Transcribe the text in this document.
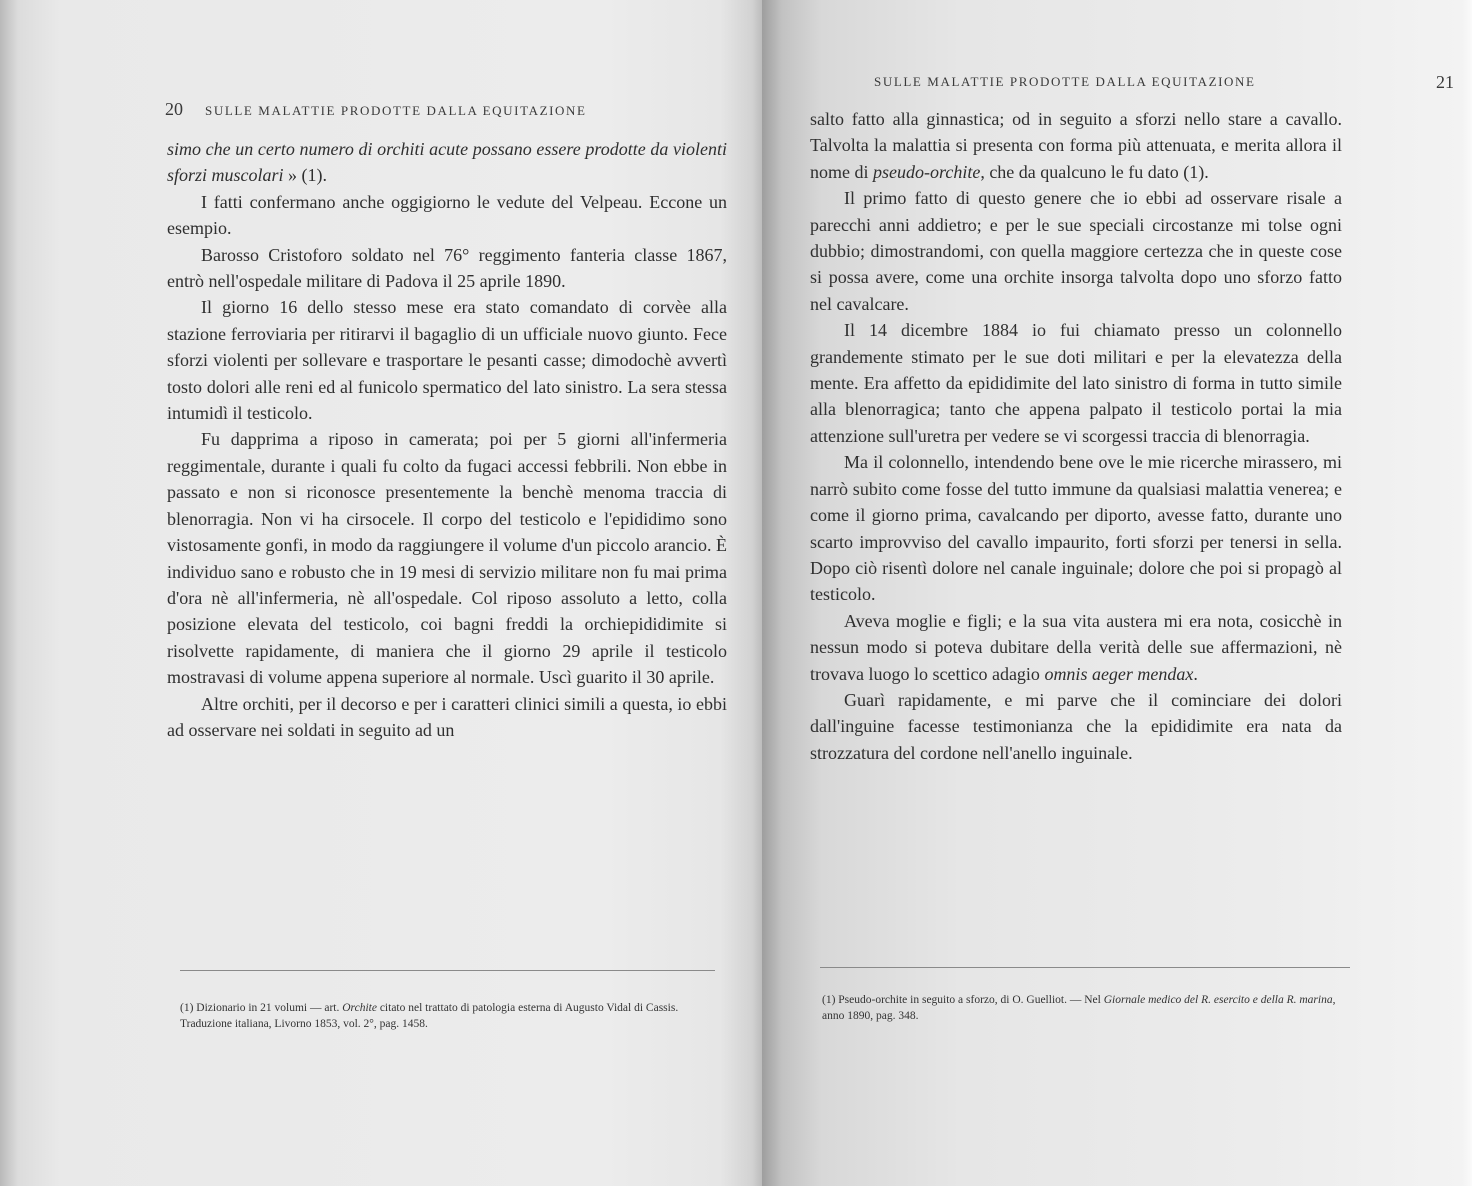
20 SULLE MALATTIE PRODOTTE DALLA EQUITAZIONE

simo che un certo numero di orchiti acute possano essere prodotte da violenti sforzi muscolari » (1).

I fatti confermano anche oggigiorno le vedute del Velpeau. Eccone un esempio.

Barosso Cristoforo soldato nel 76° reggimento fanteria classe 1867, entrò nell'ospedale militare di Padova il 25 aprile 1890.

Il giorno 16 dello stesso mese era stato comandato di corvèe alla stazione ferroviaria per ritirarvi il bagaglio di un ufficiale nuovo giunto. Fece sforzi violenti per sollevare e trasportare le pesanti casse; dimodochè avvertì tosto dolori alle reni ed al funicolo spermatico del lato sinistro. La sera stessa intumidì il testicolo.

Fu dapprima a riposo in camerata; poi per 5 giorni all'infermeria reggimentale, durante i quali fu colto da fugaci accessi febbrili. Non ebbe in passato e non si riconosce presentemente la benchè menoma traccia di blenorragia. Non vi ha cirsocele. Il corpo del testicolo e l'epididimo sono vistosamente gonfi, in modo da raggiungere il volume d'un piccolo arancio. È individuo sano e robusto che in 19 mesi di servizio militare non fu mai prima d'ora nè all'infermeria, nè all'ospedale. Col riposo assoluto a letto, colla posizione elevata del testicolo, coi bagni freddi la orchiepididimite si risolvette rapidamente, di maniera che il giorno 29 aprile il testicolo mostravasi di volume appena superiore al normale. Uscì guarito il 30 aprile.

Altre orchiti, per il decorso e per i caratteri clinici simili a questa, io ebbi ad osservare nei soldati in seguito ad un

(1) Dizionario in 21 volumi — art. Orchite citato nel trattato di patologia esterna di Augusto Vidal di Cassis. Traduzione italiana, Livorno 1853, vol. 2°, pag. 1458.
SULLE MALATTIE PRODOTTE DALLA EQUITAZIONE	21

salto fatto alla ginnastica; od in seguito a sforzi nello stare a cavallo. Talvolta la malattia si presenta con forma più attenuata, e merita allora il nome di pseudo-orchite, che da qualcuno le fu dato (1).

Il primo fatto di questo genere che io ebbi ad osservare risale a parecchi anni addietro; e per le sue speciali circostanze mi tolse ogni dubbio; dimostrandomi, con quella maggiore certezza che in queste cose si possa avere, come una orchite insorga talvolta dopo uno sforzo fatto nel cavalcare.

Il 14 dicembre 1884 io fui chiamato presso un colonnello grandemente stimato per le sue doti militari e per la elevatezza della mente. Era affetto da epididimite del lato sinistro di forma in tutto simile alla blenorragica; tanto che appena palpato il testicolo portai la mia attenzione sull'uretra per vedere se vi scorgessi traccia di blenorragia.

Ma il colonnello, intendendo bene ove le mie ricerche mirassero, mi narrò subito come fosse del tutto immune da qualsiasi malattia venerea; e come il giorno prima, cavalcando per diporto, avesse fatto, durante uno scarto improvviso del cavallo impaurito, forti sforzi per tenersi in sella. Dopo ciò risentì dolore nel canale inguinale; dolore che poi si propagò al testicolo.

Aveva moglie e figli; e la sua vita austera mi era nota, cosicchè in nessun modo si poteva dubitare della verità delle sue affermazioni, nè trovava luogo lo scettico adagio omnis aeger mendax.

Guarì rapidamente, e mi parve che il cominciare dei dolori dall'inguine facesse testimonianza che la epididimite era nata da strozzatura del cordone nell'anello inguinale.

(1) Pseudo-orchite in seguito a sforzo, di O. Guelliot. — Nel Giornale medico del R. esercito e della R. marina, anno 1890, pag. 348.
